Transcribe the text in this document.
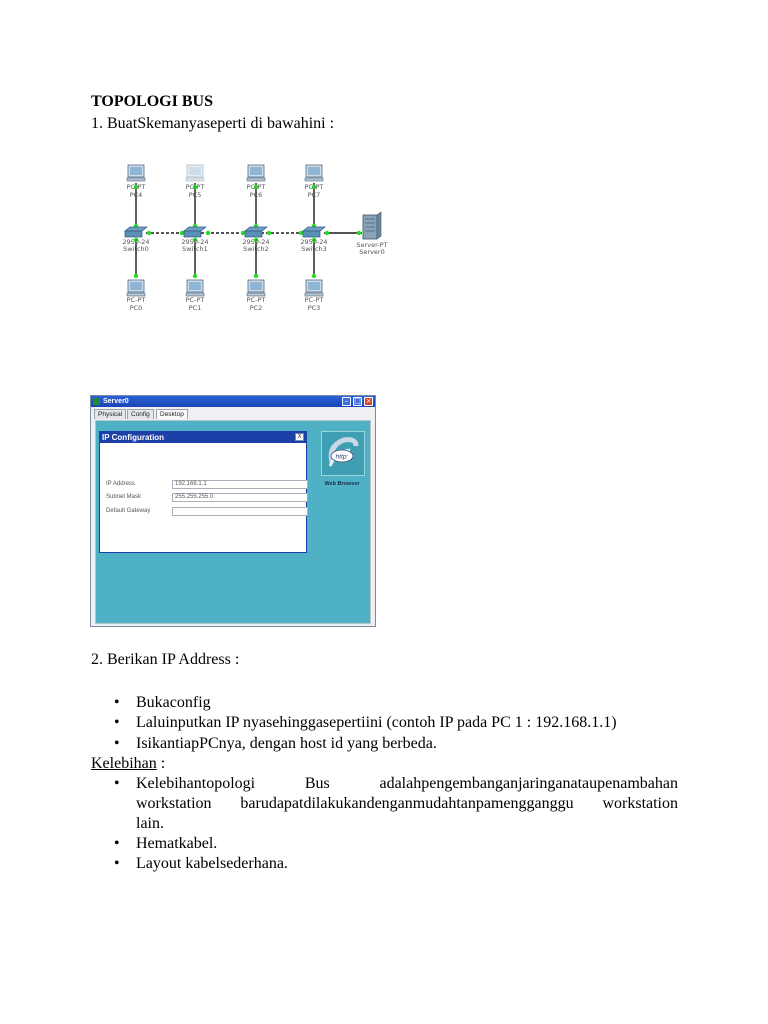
TOPOLOGI BUS
1. BuatSkemanyaseperti di bawahini :
PC-PT
PC4
2950-24
Switch0
PC-PT
PC0
PC-PT
PC5
2950-24
Switch1
PC-PT
PC1
PC-PT
PC6
2950-24
Switch2
PC-PT
PC2
PC-PT
PC7
2950-24
Switch3
PC-PT
PC3
Server-PT
Server0
Server0	– □ ×
Physical	Config	Desktop
IP Configuration	X
IP Address	192.168.1.1
Subnet Mask	255.255.255.0
Default Gateway
http:
Web Browser
2. Berikan IP Address :
• Bukaconfig
• Laluinputkan IP nyasehinggasepertiini (contoh IP pada PC 1 : 192.168.1.1)
• IsikantiapPCnya, dengan host id yang berbeda.
Kelebihan :
• Kelebihantopologi	Bus	adalahpengembanganjaringanataupenambahan
workstation barudapatdilakukandenganmudahtanpamengganggu workstation
lain.
• Hematkabel.
• Layout kabelsederhana.
